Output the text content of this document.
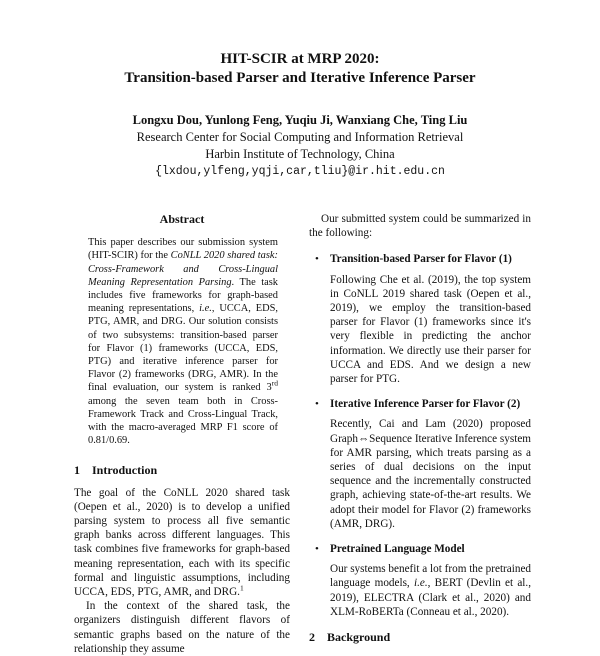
HIT-SCIR at MRP 2020:
Transition-based Parser and Iterative Inference Parser
Longxu Dou, Yunlong Feng, Yuqiu Ji, Wanxiang Che, Ting Liu
Research Center for Social Computing and Information Retrieval
Harbin Institute of Technology, China
{lxdou,ylfeng,yqji,car,tliu}@ir.hit.edu.cn
Abstract

This paper describes our submission system (HIT-SCIR) for the CoNLL 2020 shared task: Cross-Framework and Cross-Lingual Meaning Representation Parsing. The task includes five frameworks for graph-based meaning representations, i.e., UCCA, EDS, PTG, AMR, and DRG. Our solution consists of two subsystems: transition-based parser for Flavor (1) frameworks (UCCA, EDS, PTG) and iterative inference parser for Flavor (2) frameworks (DRG, AMR). In the final evaluation, our system is ranked 3rd among the seven team both in Cross-Framework Track and Cross-Lingual Track, with the macro-averaged MRP F1 score of 0.81/0.69.

1 Introduction

The goal of the CoNLL 2020 shared task (Oepen et al., 2020) is to develop a unified parsing system to process all five semantic graph banks across different languages. This task combines five frameworks for graph-based meaning representation, each with its specific formal and linguistic assumptions, including UCCA, EDS, PTG, AMR, and DRG.$^1$

In the context of the shared task, the organizers distinguish different flavors of semantic graphs based on the nature of the relationship they assume

Our submitted system could be summarized in the following:

• Transition-based Parser for Flavor (1)
Following Che et al. (2019), the top system in CoNLL 2019 shared task (Oepen et al., 2019), we employ the transition-based parser for Flavor (1) frameworks since it's very flexible in predicting the anchor information. We directly use their parser for UCCA and EDS. And we design a new parser for PTG.
• Iterative Inference Parser for Flavor (2)
Recently, Cai and Lam (2020) proposed Graph⇔Sequence Iterative Inference system for AMR parsing, which treats parsing as a series of dual decisions on the input sequence and the incrementally constructed graph, achieving state-of-the-art results. We adopt their model for Flavor (2) frameworks (AMR, DRG).
• Pretrained Language Model
Our systems benefit a lot from the pretrained language models, i.e., BERT (Devlin et al., 2019), ELECTRA (Clark et al., 2020) and XLM-RoBERTa (Conneau et al., 2020).
2 Background
